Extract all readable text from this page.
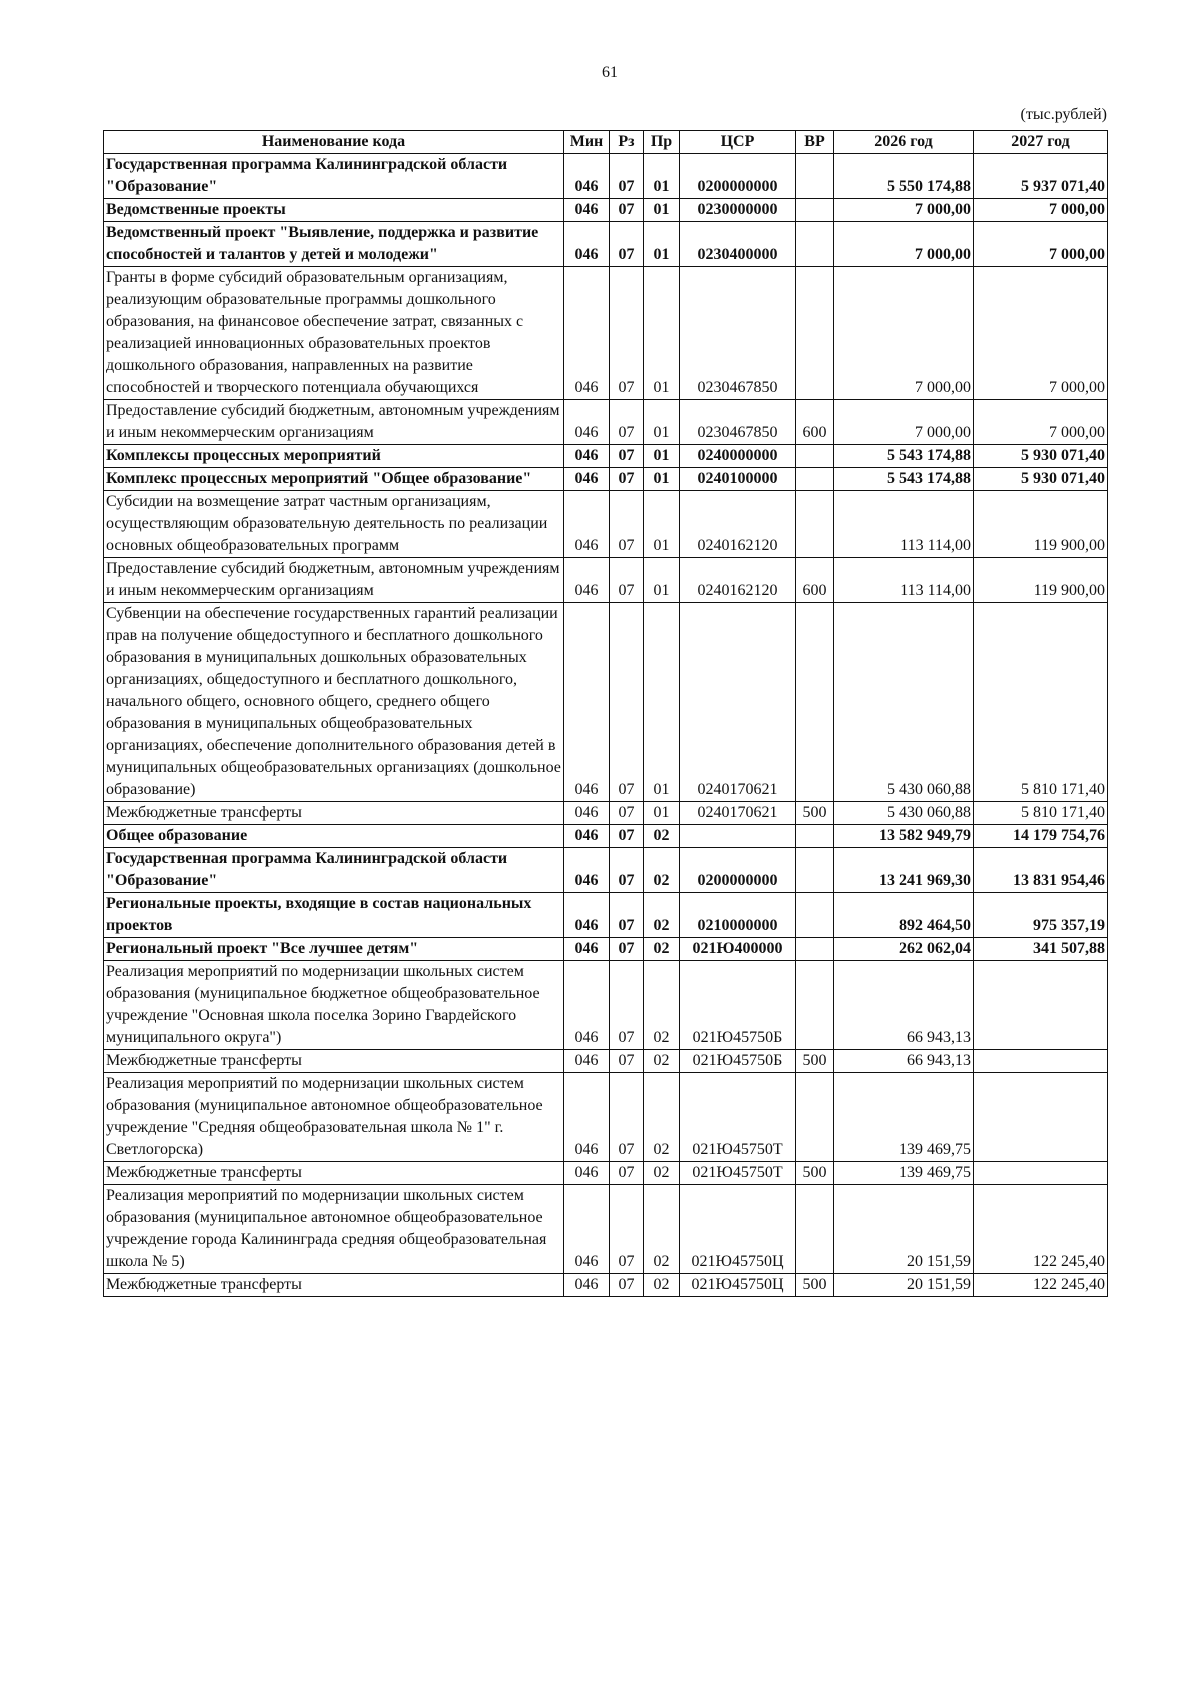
61
(тыс.рублей)
Наименование кода	Мин	Рз	Пр	ЦСР	ВР	2026 год	2027 год
Государственная программа Калининградской области "Образование"	046	07	01	0200000000		5 550 174,88	5 937 071,40
Ведомственные проекты	046	07	01	0230000000		7 000,00	7 000,00
Ведомственный проект "Выявление, поддержка и развитие способностей и талантов у детей и молодежи"	046	07	01	0230400000		7 000,00	7 000,00
Гранты в форме субсидий образовательным организациям, реализующим образовательные программы дошкольного образования, на финансовое обеспечение затрат, связанных с реализацией инновационных образовательных проектов дошкольного образования, направленных на развитие способностей и творческого потенциала обучающихся	046	07	01	0230467850		7 000,00	7 000,00
Предоставление субсидий бюджетным, автономным учреждениям и иным некоммерческим организациям	046	07	01	0230467850	600	7 000,00	7 000,00
Комплексы процессных мероприятий	046	07	01	0240000000		5 543 174,88	5 930 071,40
Комплекс процессных мероприятий "Общее образование"	046	07	01	0240100000		5 543 174,88	5 930 071,40
Субсидии на возмещение затрат частным организациям, осуществляющим образовательную деятельность по реализации основных общеобразовательных программ	046	07	01	0240162120		113 114,00	119 900,00
Предоставление субсидий бюджетным, автономным учреждениям и иным некоммерческим организациям	046	07	01	0240162120	600	113 114,00	119 900,00
Субвенции на обеспечение государственных гарантий реализации прав на получение общедоступного и бесплатного дошкольного образования в муниципальных дошкольных образовательных организациях, общедоступного и бесплатного дошкольного, начального общего, основного общего, среднего общего образования в муниципальных общеобразовательных организациях, обеспечение дополнительного образования детей в муниципальных общеобразовательных организациях (дошкольное образование)	046	07	01	0240170621		5 430 060,88	5 810 171,40
Межбюджетные трансферты	046	07	01	0240170621	500	5 430 060,88	5 810 171,40
Общее образование	046	07	02			13 582 949,79	14 179 754,76
Государственная программа Калининградской области "Образование"	046	07	02	0200000000		13 241 969,30	13 831 954,46
Региональные проекты, входящие в состав национальных проектов	046	07	02	0210000000		892 464,50	975 357,19
Региональный проект "Все лучшее детям"	046	07	02	021Ю400000		262 062,04	341 507,88
Реализация мероприятий по модернизации школьных систем образования (муниципальное бюджетное общеобразовательное учреждение "Основная школа поселка Зорино Гвардейского муниципального округа")	046	07	02	021Ю45750Б		66 943,13	
Межбюджетные трансферты	046	07	02	021Ю45750Б	500	66 943,13	
Реализация мероприятий по модернизации школьных систем образования (муниципальное автономное общеобразовательное учреждение "Средняя общеобразовательная школа № 1" г. Светлогорска)	046	07	02	021Ю45750Т		139 469,75	
Межбюджетные трансферты	046	07	02	021Ю45750Т	500	139 469,75	
Реализация мероприятий по модернизации школьных систем образования (муниципальное автономное общеобразовательное учреждение города Калининграда средняя общеобразовательная школа № 5)	046	07	02	021Ю45750Ц		20 151,59	122 245,40
Межбюджетные трансферты	046	07	02	021Ю45750Ц	500	20 151,59	122 245,40
